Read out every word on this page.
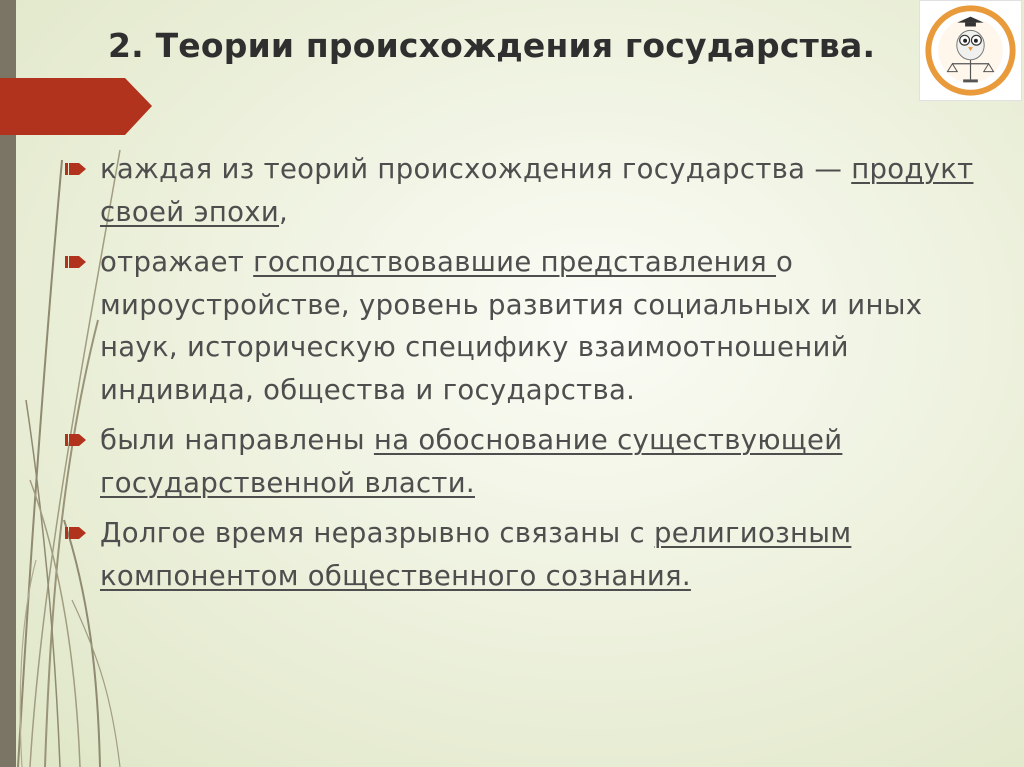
2. Теории происхождения государства.
каждая из теорий происхождения государства — продукт своей эпохи,
отражает господствовавшие представления о мироустройстве, уровень развития социальных и иных наук, историческую специфику взаимоотношений индивида, общества и государства.
были направлены на обоснование существующей государственной власти.
Долгое время неразрывно связаны с религиозным компонентом общественного сознания.
